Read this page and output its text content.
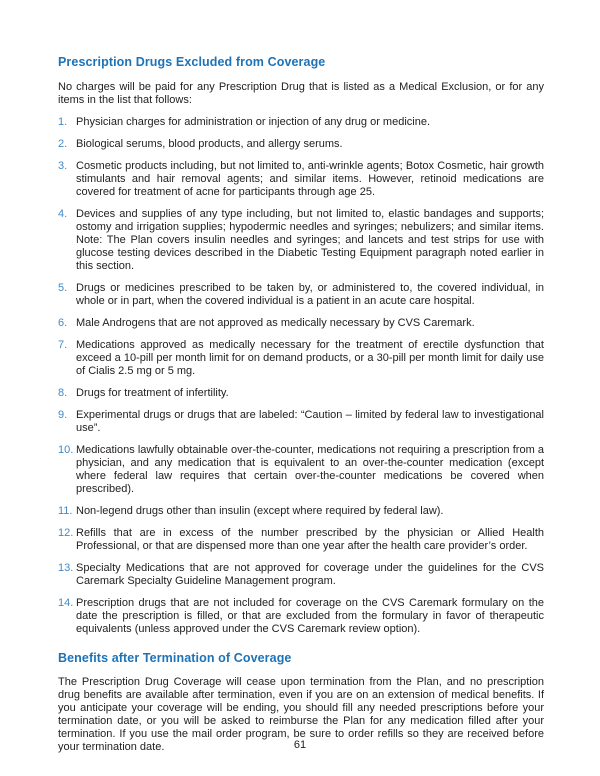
Prescription Drugs Excluded from Coverage

No charges will be paid for any Prescription Drug that is listed as a Medical Exclusion, or for any items in the list that follows:

1. Physician charges for administration or injection of any drug or medicine.
2. Biological serums, blood products, and allergy serums.
3. Cosmetic products including, but not limited to, anti-wrinkle agents; Botox Cosmetic, hair growth stimulants and hair removal agents; and similar items. However, retinoid medications are covered for treatment of acne for participants through age 25.
4. Devices and supplies of any type including, but not limited to, elastic bandages and supports; ostomy and irrigation supplies; hypodermic needles and syringes; nebulizers; and similar items. Note: The Plan covers insulin needles and syringes; and lancets and test strips for use with glucose testing devices described in the Diabetic Testing Equipment paragraph noted earlier in this section.
5. Drugs or medicines prescribed to be taken by, or administered to, the covered individual, in whole or in part, when the covered individual is a patient in an acute care hospital.
6. Male Androgens that are not approved as medically necessary by CVS Caremark.
7. Medications approved as medically necessary for the treatment of erectile dysfunction that exceed a 10-pill per month limit for on demand products, or a 30-pill per month limit for daily use of Cialis 2.5 mg or 5 mg.
8. Drugs for treatment of infertility.
9. Experimental drugs or drugs that are labeled: “Caution – limited by federal law to investigational use”.
10. Medications lawfully obtainable over-the-counter, medications not requiring a prescription from a physician, and any medication that is equivalent to an over-the-counter medication (except where federal law requires that certain over-the-counter medications be covered when prescribed).
11. Non-legend drugs other than insulin (except where required by federal law).
12. Refills that are in excess of the number prescribed by the physician or Allied Health Professional, or that are dispensed more than one year after the health care provider’s order.
13. Specialty Medications that are not approved for coverage under the guidelines for the CVS Caremark Specialty Guideline Management program.
14. Prescription drugs that are not included for coverage on the CVS Caremark formulary on the date the prescription is filled, or that are excluded from the formulary in favor of therapeutic equivalents (unless approved under the CVS Caremark review option).
Benefits after Termination of Coverage

The Prescription Drug Coverage will cease upon termination from the Plan, and no prescription drug benefits are available after termination, even if you are on an extension of medical benefits. If you anticipate your coverage will be ending, you should fill any needed prescriptions before your termination date, or you will be asked to reimburse the Plan for any medication filled after your termination. If you use the mail order program, be sure to order refills so they are received before your termination date.	61
